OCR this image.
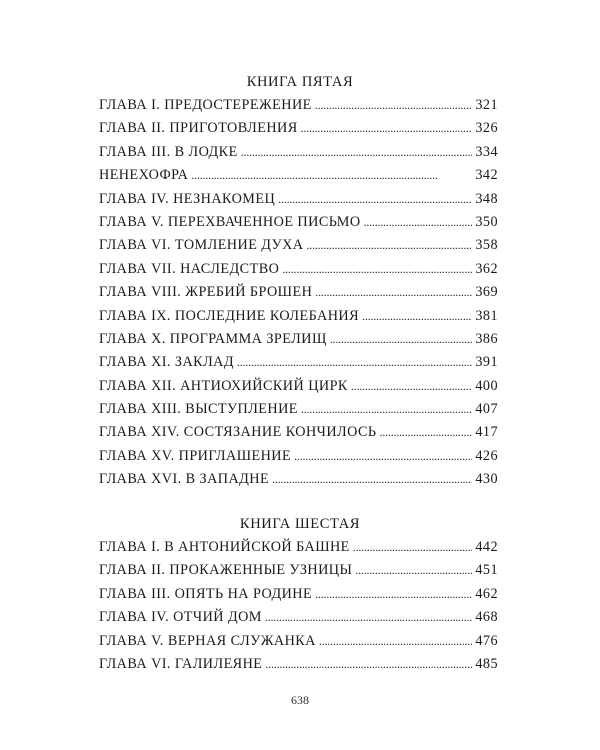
КНИГА ПЯТАЯ
ГЛАВА I. ПРЕДОСТЕРЕЖЕНИЕ . . .	321
ГЛАВА II. ПРИГОТОВЛЕНИЯ . . .	326
ГЛАВА III. В ЛОДКЕ . . .	334
НЕНЕХОФРА . . .	342
ГЛАВА IV. НЕЗНАКОМЕЦ . . .	348
ГЛАВА V. ПЕРЕХВАЧЕННОЕ ПИСЬМО . . .	350
ГЛАВА VI. ТОМЛЕНИЕ ДУХА . . .	358
ГЛАВА VII. НАСЛЕДСТВО . . .	362
ГЛАВА VIII. ЖРЕБИЙ БРОШЕН . . .	369
ГЛАВА IX. ПОСЛЕДНИЕ КОЛЕБАНИЯ . . .	381
ГЛАВА X. ПРОГРАММА ЗРЕЛИЩ . . .	386
ГЛАВА XI. ЗАКЛАД . . .	391
ГЛАВА XII. АНТИОХИЙСКИЙ ЦИРК . . .	400
ГЛАВА XIII. ВЫСТУПЛЕНИЕ . . .	407
ГЛАВА XIV. СОСТЯЗАНИЕ КОНЧИЛОСЬ . . .	417
ГЛАВА XV. ПРИГЛАШЕНИЕ . . .	426
ГЛАВА XVI. В ЗАПАДНЕ . . .	430
КНИГА ШЕСТАЯ
ГЛАВА I. В АНТОНИЙСКОЙ БАШНЕ . . .	442
ГЛАВА II. ПРОКАЖЕННЫЕ УЗНИЦЫ . . .	451
ГЛАВА III. ОПЯТЬ НА РОДИНЕ . . .	462
ГЛАВА IV. ОТЧИЙ ДОМ . . .	468
ГЛАВА V. ВЕРНАЯ СЛУЖАНКА . . .	476
ГЛАВА VI. ГАЛИЛЕЯНЕ . . .	485
638
